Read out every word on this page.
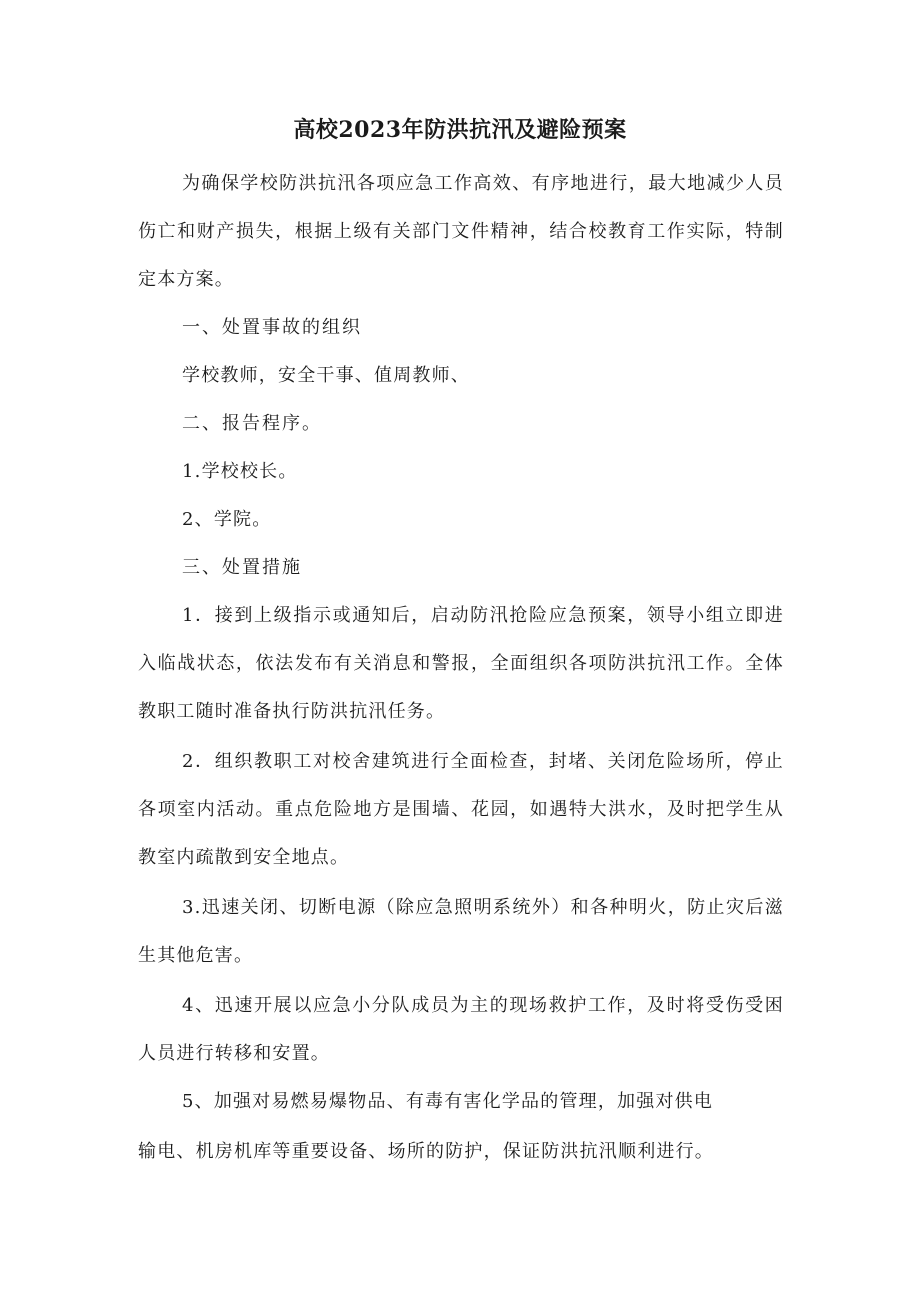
高校2023年防洪抗汛及避险预案

为确保学校防洪抗汛各项应急工作高效、有序地进行，最大地减少人员伤亡和财产损失，根据上级有关部门文件精神，结合校教育工作实际，特制定本方案。

一、处置事故的组织
学校教师，安全干事、值周教师、
二、报告程序。
1.学校校长。
2、学院。
三、处置措施

1．接到上级指示或通知后，启动防汛抢险应急预案，领导小组立即进入临战状态，依法发布有关消息和警报，全面组织各项防洪抗汛工作。全体教职工随时准备执行防洪抗汛任务。

2．组织教职工对校舍建筑进行全面检查，封堵、关闭危险场所，停止各项室内活动。重点危险地方是围墙、花园，如遇特大洪水，及时把学生从教室内疏散到安全地点。

3.迅速关闭、切断电源（除应急照明系统外）和各种明火，防止灾后滋生其他危害。

4、迅速开展以应急小分队成员为主的现场救护工作，及时将受伤受困人员进行转移和安置。

5、加强对易燃易爆物品、有毒有害化学品的管理，加强对供电
输电、机房机库等重要设备、场所的防护，保证防洪抗汛顺利进行。
